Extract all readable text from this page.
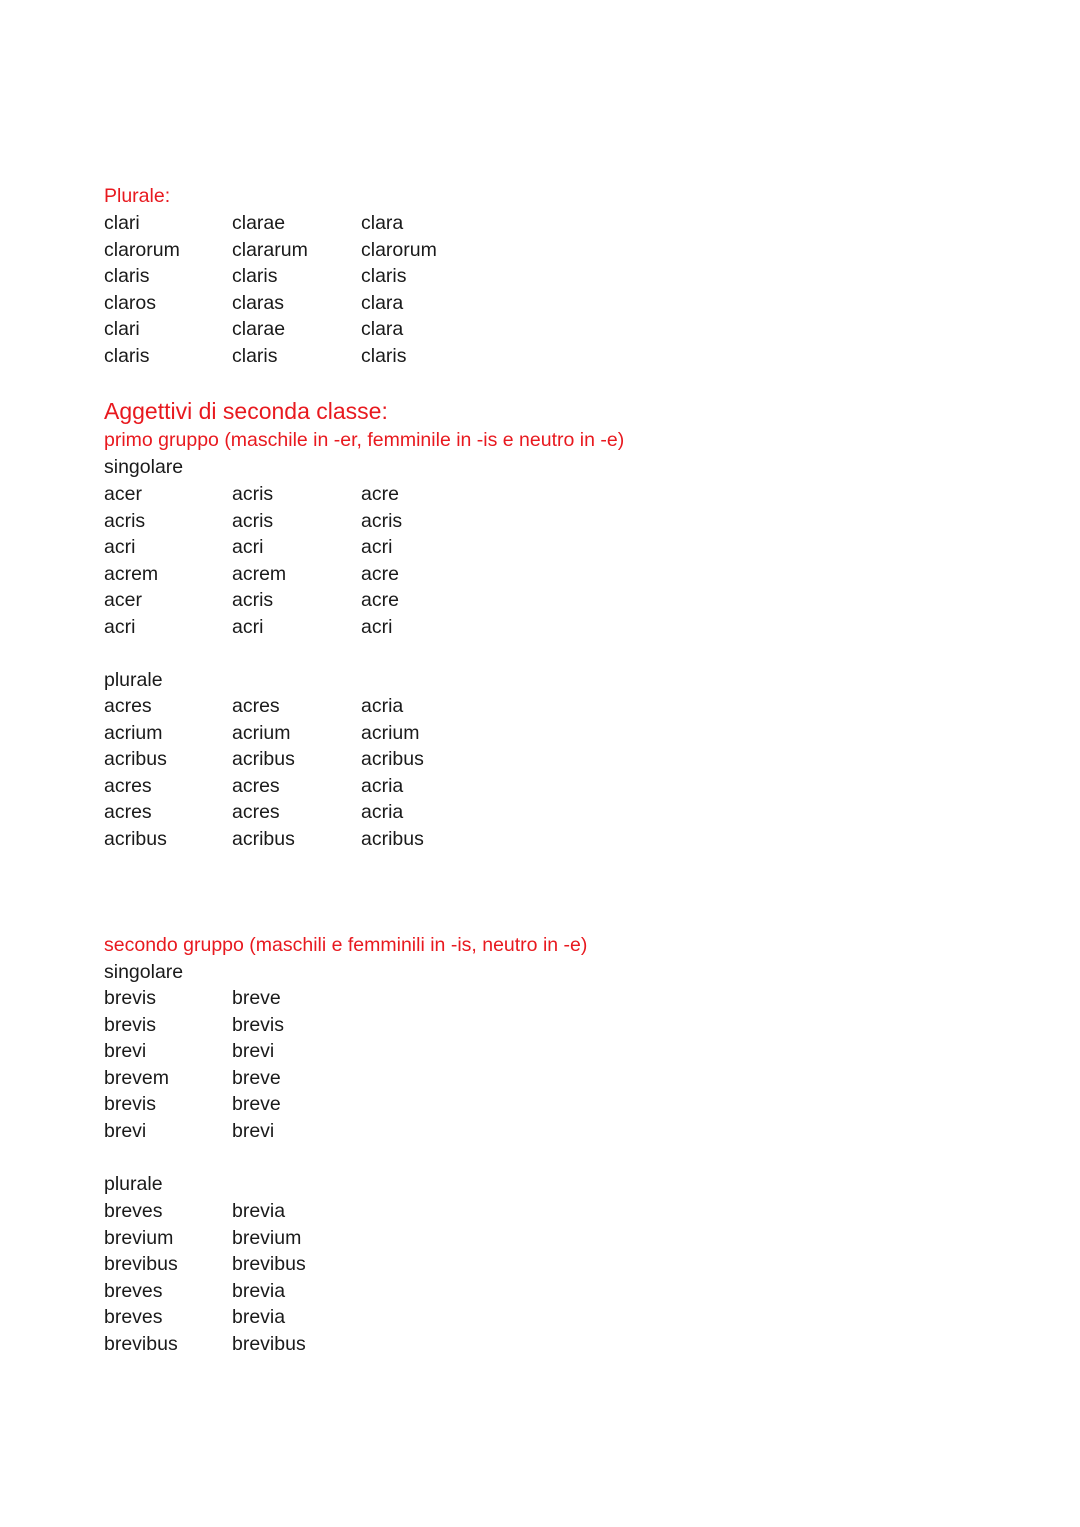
Plurale:
clari	clarae	clara
clarorum	clararum	clarorum
claris	claris	claris
claros	claras	clara
clari	clarae	clara
claris	claris	claris
Aggettivi di seconda classe:
primo gruppo (maschile in -er, femminile in -is e neutro in -e)
singolare
acer	acris	acre
acris	acris	acris
acri	acri	acri
acrem	acrem	acre
acer	acris	acre
acri	acri	acri
plurale
acres	acres	acria
acrium	acrium	acrium
acribus	acribus	acribus
acres	acres	acria
acres	acres	acria
acribus	acribus	acribus
secondo gruppo (maschili e femminili in -is, neutro in -e)
singolare
brevis	breve
brevis	brevis
brevi	brevi
brevem	breve
brevis	breve
brevi	brevi
plurale
breves	brevia
brevium	brevium
brevibus	brevibus
breves	brevia
breves	brevia
brevibus	brevibus
